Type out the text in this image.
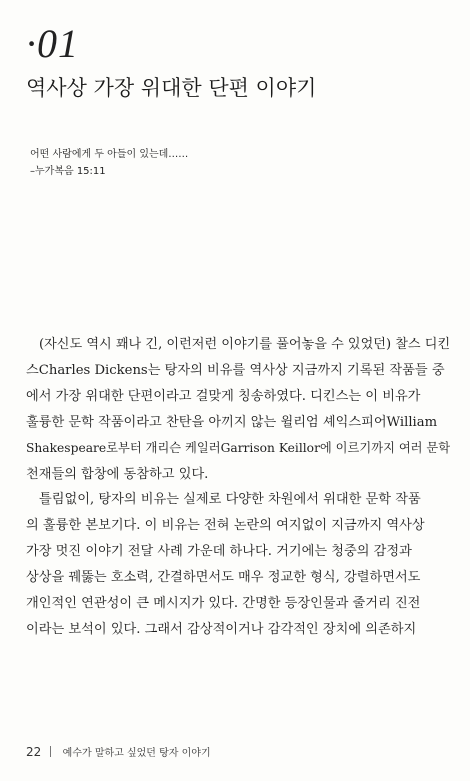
·01
역사상 가장 위대한 단편 이야기
어떤 사람에게 두 아들이 있는데……
–누가복음 15:11

(자신도 역시 꽤나 긴, 이런저런 이야기를 풀어놓을 수 있었던) 찰스 디킨

스Charles Dickens는 탕자의 비유를 역사상 지금까지 기록된 작품들 중

에서 가장 위대한 단편이라고 걸맞게 칭송하였다. 디킨스는 이 비유가

훌륭한 문학 작품이라고 찬탄을 아끼지 않는 윌리엄 셰익스피어William

Shakespeare로부터 개리슨 케일러Garrison Keillor에 이르기까지 여러 문학

천재들의 합창에 동참하고 있다.

틀림없이, 탕자의 비유는 실제로 다양한 차원에서 위대한 문학 작품

의 훌륭한 본보기다. 이 비유는 전혀 논란의 여지없이 지금까지 역사상

가장 멋진 이야기 전달 사례 가운데 하나다. 거기에는 청중의 감정과

상상을 꿰뚫는 호소력, 간결하면서도 매우 정교한 형식, 강렬하면서도

개인적인 연관성이 큰 메시지가 있다. 간명한 등장인물과 줄거리 진전

이라는 보석이 있다. 그래서 감상적이거나 감각적인 장치에 의존하지

22 예수가 말하고 싶었던 탕자 이야기
